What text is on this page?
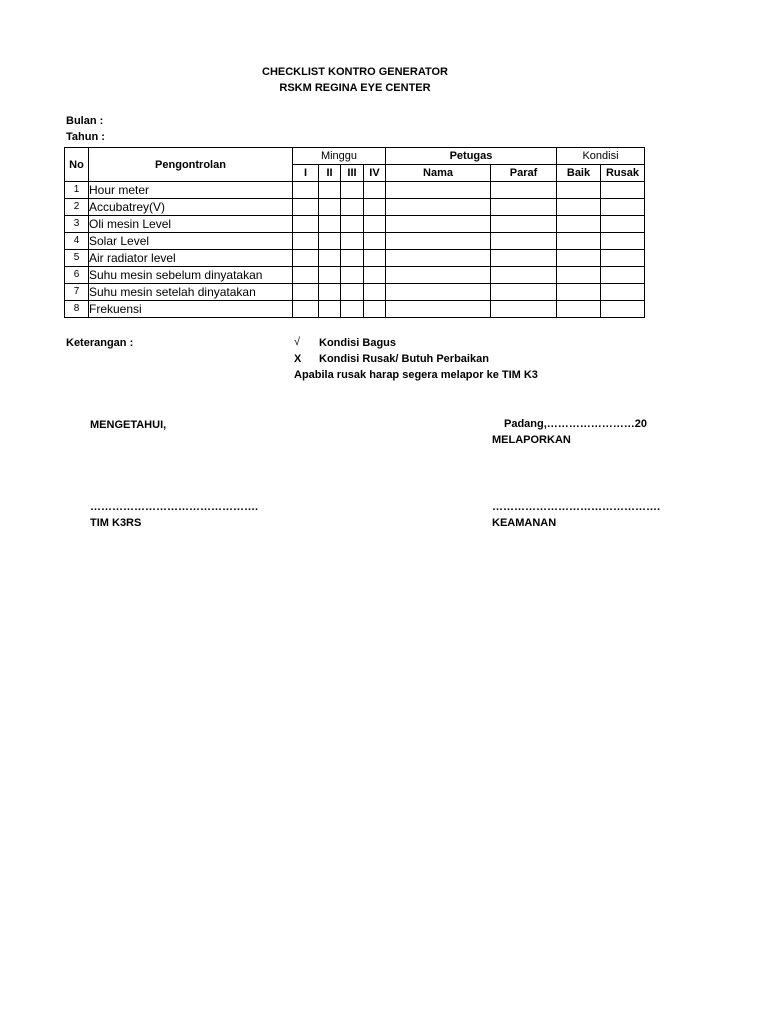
CHECKLIST KONTRO GENERATOR
RSKM REGINA EYE CENTER
Bulan :
Tahun :
No	Pengontrolan	Minggu				Petugas		Kondisi	
		I	II	III	IV	Nama	Paraf	Baik	Rusak
1	Hour meter								
2	Accubatrey(V)								
3	Oli mesin Level								
4	Solar Level								
5	Air radiator level								
6	Suhu mesin sebelum dinyatakan								
7	Suhu mesin setelah dinyatakan								
8	Frekuensi								
Keterangan :	√ Kondisi Bagus
X Kondisi Rusak/ Butuh Perbaikan
Apabila rusak harap segera melapor ke TIM K3
MENGETAHUI,	Padang,……………………20
MELAPORKAN
……………………………………….	……………………………………….
TIM K3RS	KEAMANAN
